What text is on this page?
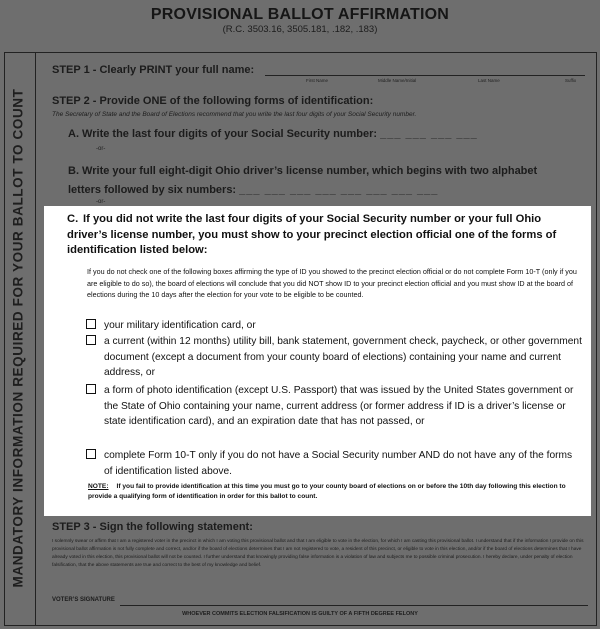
PROVISIONAL BALLOT AFFIRMATION
(R.C. 3503.16, 3505.181, .182, .183)
MANDATORY INFORMATION REQUIRED FOR YOUR BALLOT TO COUNT
STEP 1 - Clearly PRINT your full name:
First Name	Middle Name/Initial	Last Name	Suffix
STEP 2 - Provide ONE of the following forms of identification:
The Secretary of State and the Board of Elections recommend that you write the last four digits of your Social Security number.
A. Write the last four digits of your Social Security number: ___ ___ ___ ___
-or-
B. Write your full eight-digit Ohio driver’s license number, which begins with two alphabet letters followed by six numbers: ___ ___ ___ ___ ___ ___ ___ ___
-or-
C. If you did not write the last four digits of your Social Security number or your full Ohio driver’s license number, you must show to your precinct election official one of the forms of identification listed below:
If you do not check one of the following boxes affirming the type of ID you showed to the precinct election official or do not complete Form 10-T (only if you are eligible to do so), the board of elections will conclude that you did NOT show ID to your precinct election official and you must show ID at the board of elections during the 10 days after the election for your vote to be eligible to be counted.
your military identification card, or
a current (within 12 months) utility bill, bank statement, government check, paycheck, or other government document (except a document from your county board of elections) containing your name and current address, or
a form of photo identification (except U.S. Passport) that was issued by the United States government or the State of Ohio containing your name, current address (or former address if ID is a driver’s license or state identification card), and an expiration date that has not passed, or
complete Form 10-T only if you do not have a Social Security number AND do not have any of the forms of identification listed above.
NOTE: If you fail to provide identification at this time you must go to your county board of elections on or before the 10th day following this election to provide a qualifying form of identification in order for this ballot to count.
STEP 3 - Sign the following statement:
I solemnly swear or affirm that I am a registered voter in the precinct in which I am voting this provisional ballot and that I am eligible to vote in the election, for which I am casting this provisional ballot. I understand that if the information I provide on this provisional ballot affirmation is not fully complete and correct, and/or if the board of elections determines that I am not registered to vote, a resident of this precinct, or eligible to vote in this election, and/or if the board of elections determines that I have already voted in this election, this provisional ballot will not be counted. I further understand that knowingly providing false information is a violation of law and subjects me to possible criminal prosecution. I hereby declare, under penalty of election falsification, that the above statements are true and correct to the best of my knowledge and belief.
VOTER’S SIGNATURE
WHOEVER COMMITS ELECTION FALSIFICATION IS GUILTY OF A FIFTH DEGREE FELONY
